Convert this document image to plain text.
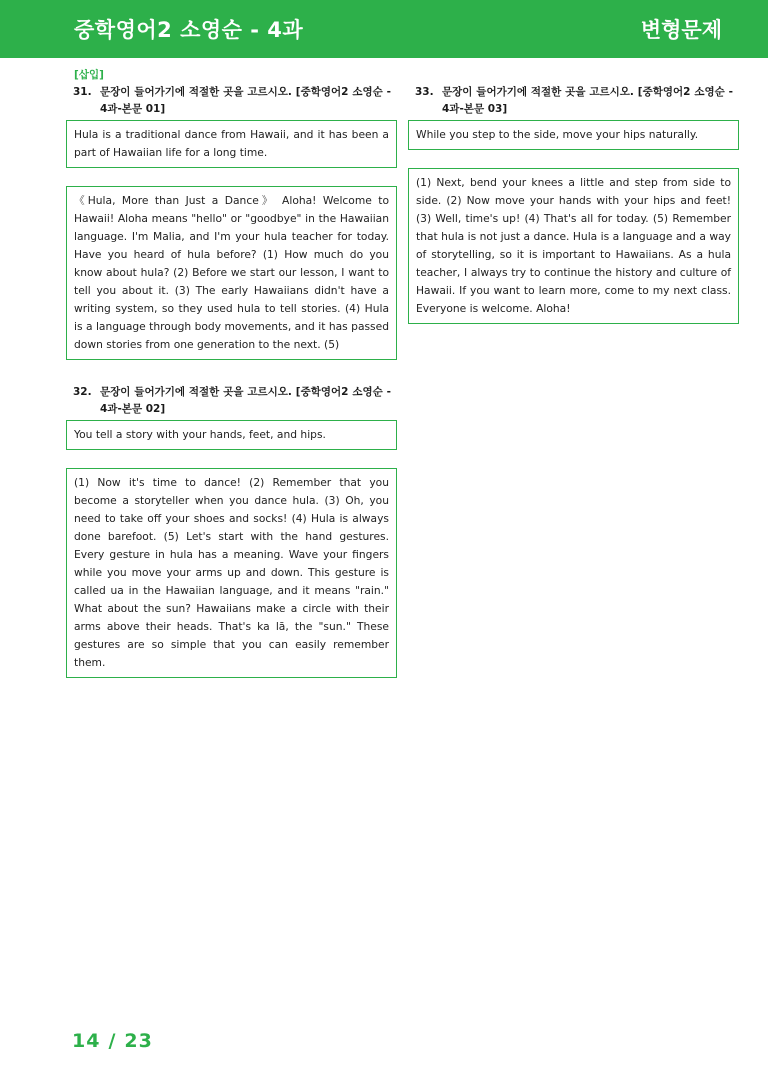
중학영어2 소영순 - 4과	변형문제
[삽입]
31. 문장이 들어가기에 적절한 곳을 고르시오. [중학영어2 소영순 - 4과-본문 01]
Hula is a traditional dance from Hawaii, and it has been a part of Hawaiian life for a long time.
《Hula, More than Just a Dance》 Aloha! Welcome to Hawaii! Aloha means "hello" or "goodbye" in the Hawaiian language. I'm Malia, and I'm your hula teacher for today. Have you heard of hula before? (1) How much do you know about hula? (2) Before we start our lesson, I want to tell you about it. (3) The early Hawaiians didn't have a writing system, so they used hula to tell stories. (4) Hula is a language through body movements, and it has passed down stories from one generation to the next. (5)
32. 문장이 들어가기에 적절한 곳을 고르시오. [중학영어2 소영순 - 4과-본문 02]
You tell a story with your hands, feet, and hips.
(1) Now it's time to dance! (2) Remember that you become a storyteller when you dance hula. (3) Oh, you need to take off your shoes and socks! (4) Hula is always done barefoot. (5) Let's start with the hand gestures. Every gesture in hula has a meaning. Wave your fingers while you move your arms up and down. This gesture is called ua in the Hawaiian language, and it means "rain." What about the sun? Hawaiians make a circle with their arms above their heads. That's ka lā, the "sun." These gestures are so simple that you can easily remember them.
33. 문장이 들어가기에 적절한 곳을 고르시오. [중학영어2 소영순 - 4과-본문 03]
While you step to the side, move your hips naturally.
(1) Next, bend your knees a little and step from side to side. (2) Now move your hands with your hips and feet! (3) Well, time's up! (4) That's all for today. (5) Remember that hula is not just a dance. Hula is a language and a way of storytelling, so it is important to Hawaiians. As a hula teacher, I always try to continue the history and culture of Hawaii. If you want to learn more, come to my next class. Everyone is welcome. Aloha!
14 / 23
